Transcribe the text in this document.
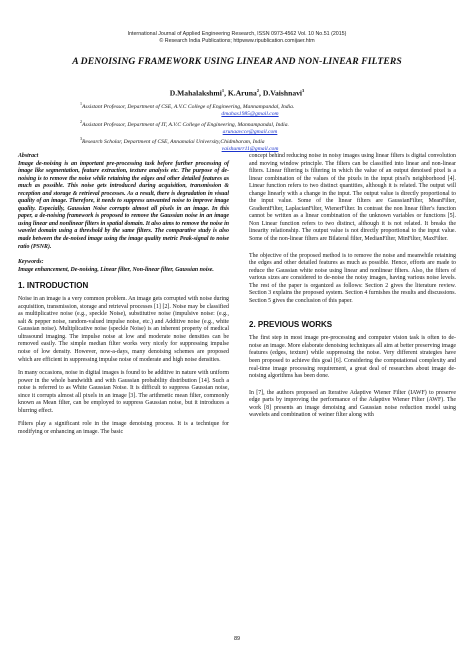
International Journal of Applied Engineering Research, ISSN 0973-4562 Vol. 10 No.51 (2015)
© Research India Publications; httpwww.ripublication.comijaer.htm
A DENOISING FRAMEWORK USING LINEAR AND NON-LINEAR FILTERS
D.Mahalakshmi$^1$, K.Aruna$^2$, D.Vaishnavi$^3$
$^1$Assistant Professor, Department of CSE, A.V.C College of Engineering, Mannampandal, India.
dmahas1985@gmail.com
$^2$Assistant Professor, Department of IT, A.V.C College of Engineering, Mannampandal, India.
arunaavcce@gmail.com
$^3$Research Scholar, Department of CSE, Annamalai University,Chidmbaram, India
vaishumrr11@gmail.com
Abstract
Image de-noising is an important pre-processing task before further processing of image like segmentation, feature extraction, texture analysis etc. The purpose of de-noising is to remove the noise while retaining the edges and other detailed features as much as possible. This noise gets introduced during acquisition, transmission & reception and storage & retrieval processes. As a result, there is degradation in visual quality of an image. Therefore, it needs to suppress unwanted noise to improve image quality. Especially, Gaussian Noise corrupts almost all pixels in an image. In this paper, a de-noising framework is proposed to remove the Gaussian noise in an image using linear and nonlinear filters in spatial domain. It also aims to remove the noise in wavelet domain using a threshold by the same filters. The comparative study is also made between the de-noised image using the image quality metric Peak-signal to noise ratio (PSNR).
Keywords:
Image enhancement, De-noising, Linear filter, Non-linear filter, Gaussian noise.
1. INTRODUCTION

Noise in an image is a very common problem. An image gets corrupted with noise during acquisition, transmission, storage and retrieval processes [1] [2]. Noise may be classified as multiplicative noise (e.g., speckle Noise), substitutive noise (impulsive noise: (e.g., salt & pepper noise, random-valued impulse noise, etc.) and Additive noise (e.g., white Gaussian noise). Multiplicative noise (speckle Noise) is an inherent property of medical ultrasound imaging. The impulse noise at low and moderate noise densities can be removed easily. The simple median filter works very nicely for suppressing impulse noise of low density. However, now-a-days, many denoising schemes are proposed which are efficient in suppressing impulse noise of moderate and high noise densities.

In many occasions, noise in digital images is found to be additive in nature with uniform power in the whole bandwidth and with Gaussian probability distribution [14]. Such a noise is referred to as White Gaussian Noise. It is difficult to suppress Gaussian noise, since it corrupts almost all pixels in an image [3]. The arithmetic mean filter, commonly known as Mean filter, can be employed to suppress Gaussian noise, but it introduces a blurring effect.

Filters play a significant role in the image denoising process. It is a technique for modifying or enhancing an image. The basic

concept behind reducing noise in noisy images using linear filters is digital convolution and moving window principle. The filters can be classified into linear and non-linear filters. Linear filtering is filtering in which the value of an output denoised pixel is a linear combination of the values of the pixels in the input pixel's neighborhood [4]. Linear function refers to two distinct quantities, although it is related. The output will change linearly with a change in the input. The output value is directly proportional to the input value. Some of the linear filters are GaussianFilter, MeanFilter, GradientFilter, LaplacianFilter, WienerFilter. In contrast the non linear filter's function cannot be written as a linear combination of the unknown variables or functions [5]. Non Linear function refers to two distinct, although it is not related. It breaks the linearity relationship. The output value is not directly proportional to the input value. Some of the non-linear filters are Bilateral filter, MedianFilter, MinFilter, MaxFilter.

The objective of the proposed method is to remove the noise and meanwhile retaining the edges and other detailed features as much as possible. Hence, efforts are made to reduce the Gaussian white noise using linear and nonlinear filters. Also, the filters of various sizes are considered to de-noise the noisy images, having various noise levels. The rest of the paper is organized as follows: Section 2 gives the literature review. Section 3 explains the proposed system. Section 4 furnishes the results and discussions. Section 5 gives the conclusion of this paper.

2. PREVIOUS WORKS

The first step in most image pre-processing and computer vision task is often to de-noise an image. More elaborate denoising techniques all aim at better preserving image features (edges, texture) while suppressing the noise. Very different strategies have been proposed to achieve this goal [6]. Considering the computational complexity and real-time image processing requirement, a great deal of researches about image de-noising algorithms has been done.

In [7], the authors proposed an Iterative Adaptive Wiener Filter (IAWF) to preserve edge parts by improving the performance of the Adaptive Wiener Filter (AWF). The work [8] presents an image denoising and Gaussian noise reduction model using wavelets and combination of weiner filter along with

89
